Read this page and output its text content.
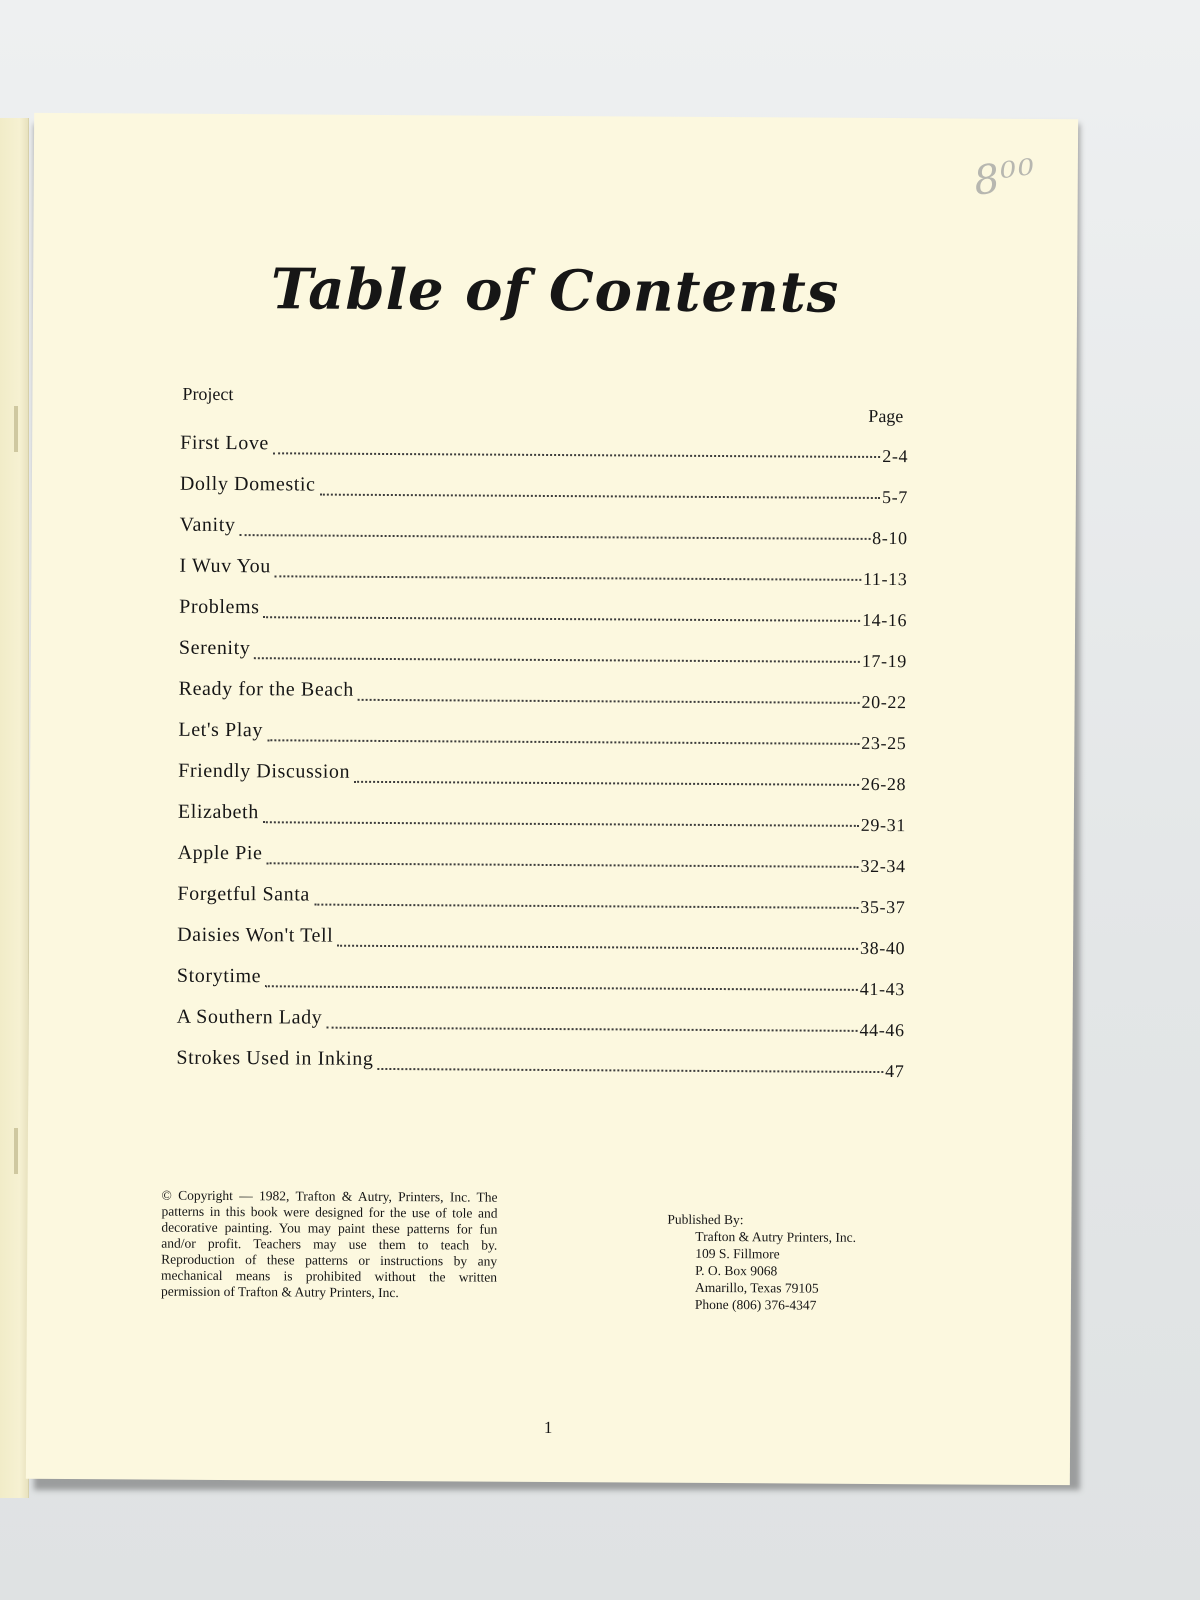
8⁰⁰
Table of Contents
Project
Page
First Love
2-4
Dolly Domestic
5-7
Vanity
8-10
I Wuv You
11-13
Problems
14-16
Serenity
17-19
Ready for the Beach
20-22
Let's Play
23-25
Friendly Discussion
26-28
Elizabeth
29-31
Apple Pie
32-34
Forgetful Santa
35-37
Daisies Won't Tell
38-40
Storytime
41-43
A Southern Lady
44-46
Strokes Used in Inking
47

© Copyright — 1982, Trafton & Autry, Printers, Inc. The patterns in this book were designed for the use of tole and decorative painting. You may paint these patterns for fun and/or profit. Teachers may use them to teach by. Reproduction of these patterns or instructions by any mechanical means is prohibited without the written permission of Trafton & Autry Printers, Inc.

Published By:
Trafton & Autry Printers, Inc.
109 S. Fillmore
P. O. Box 9068
Amarillo, Texas 79105
Phone (806) 376-4347
1
